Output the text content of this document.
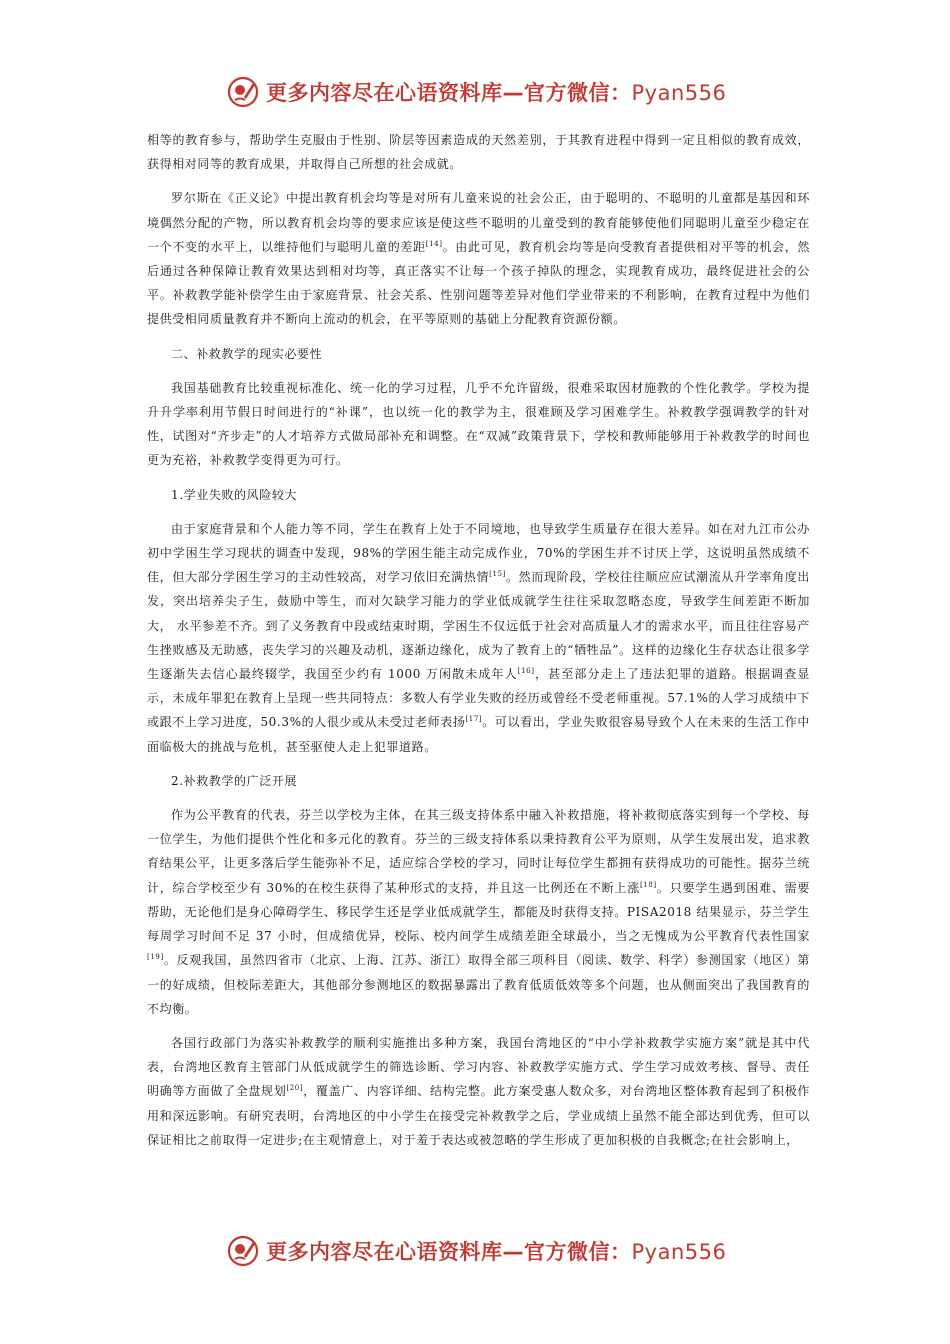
更多内容尽在心语资料库—官方微信：Pyan556

相等的教育参与，帮助学生克服由于性别、阶层等因素造成的天然差别，于其教育进程中得到一定且相似的教育成效，获得相对同等的教育成果，并取得自己所想的社会成就。

罗尔斯在《正义论》中提出教育机会均等是对所有儿童来说的社会公正，由于聪明的、不聪明的儿童都是基因和环境偶然分配的产物，所以教育机会均等的要求应该是使这些不聪明的儿童受到的教育能够使他们同聪明儿童至少稳定在一个不变的水平上，以维持他们与聪明儿童的差距[14]。由此可见，教育机会均等是向受教育者提供相对平等的机会，然后通过各种保障让教育效果达到相对均等，真正落实不让每一个孩子掉队的理念，实现教育成功，最终促进社会的公平。补救教学能补偿学生由于家庭背景、社会关系、性别问题等差异对他们学业带来的不利影响，在教育过程中为他们提供受相同质量教育并不断向上流动的机会，在平等原则的基础上分配教育资源份额。

二、补救教学的现实必要性

我国基础教育比较重视标准化、统一化的学习过程，几乎不允许留级，很难采取因材施教的个性化教学。学校为提升升学率利用节假日时间进行的“补课”，也以统一化的教学为主，很难顾及学习困难学生。补救教学强调教学的针对性，试图对“齐步走”的人才培养方式做局部补充和调整。在“双减”政策背景下，学校和教师能够用于补救教学的时间也更为充裕，补救教学变得更为可行。

1.学业失败的风险较大

由于家庭背景和个人能力等不同，学生在教育上处于不同境地，也导致学生质量存在很大差异。如在对九江市公办初中学困生学习现状的调查中发现，98%的学困生能主动完成作业，70%的学困生并不讨厌上学，这说明虽然成绩不佳，但大部分学困生学习的主动性较高，对学习依旧充满热情[15]。然而现阶段，学校往往顺应应试潮流从升学率角度出发，突出培养尖子生，鼓励中等生，而对欠缺学习能力的学业低成就学生往往采取忽略态度，导致学生间差距不断加大， 水平参差不齐。到了义务教育中段或结束时期，学困生不仅远低于社会对高质量人才的需求水平，而且往往容易产生挫败感及无助感，丧失学习的兴趣及动机，逐渐边缘化，成为了教育上的“牺牲品”。这样的边缘化生存状态让很多学生逐渐失去信心最终辍学，我国至少约有 1000 万闲散未成年人[16]，甚至部分走上了违法犯罪的道路。根据调查显示，未成年罪犯在教育上呈现一些共同特点：多数人有学业失败的经历或曾经不受老师重视。57.1%的人学习成绩中下或跟不上学习进度，50.3%的人很少或从未受过老师表扬[17]。可以看出，学业失败很容易导致个人在未来的生活工作中面临极大的挑战与危机，甚至驱使人走上犯罪道路。

2.补救教学的广泛开展

作为公平教育的代表，芬兰以学校为主体，在其三级支持体系中融入补救措施，将补救彻底落实到每一个学校、每一位学生，为他们提供个性化和多元化的教育。芬兰的三级支持体系以秉持教育公平为原则，从学生发展出发，追求教育结果公平，让更多落后学生能弥补不足，适应综合学校的学习，同时让每位学生都拥有获得成功的可能性。据芬兰统计，综合学校至少有 30%的在校生获得了某种形式的支持，并且这一比例还在不断上涨[18]。只要学生遇到困难、需要帮助，无论他们是身心障碍学生、移民学生还是学业低成就学生，都能及时获得支持。PISA2018 结果显示，芬兰学生每周学习时间不足 37 小时，但成绩优异，校际、校内间学生成绩差距全球最小，当之无愧成为公平教育代表性国家[19]。反观我国，虽然四省市（北京、上海、江苏、浙江）取得全部三项科目（阅读、数学、科学）参测国家（地区）第一的好成绩，但校际差距大，其他部分参测地区的数据暴露出了教育低质低效等多个问题，也从侧面突出了我国教育的不均衡。

各国行政部门为落实补救教学的顺利实施推出多种方案，我国台湾地区的“中小学补救教学实施方案”就是其中代表，台湾地区教育主管部门从低成就学生的筛选诊断、学习内容、补救教学实施方式、学生学习成效考核、督导、责任明确等方面做了全盘规划[20]，覆盖广、内容详细、结构完整。此方案受惠人数众多，对台湾地区整体教育起到了积极作用和深远影响。有研究表明，台湾地区的中小学生在接受完补救教学之后，学业成绩上虽然不能全部达到优秀，但可以保证相比之前取得一定进步;在主观情意上，对于羞于表达或被忽略的学生形成了更加积极的自我概念;在社会影响上，

更多内容尽在心语资料库—官方微信：Pyan556
